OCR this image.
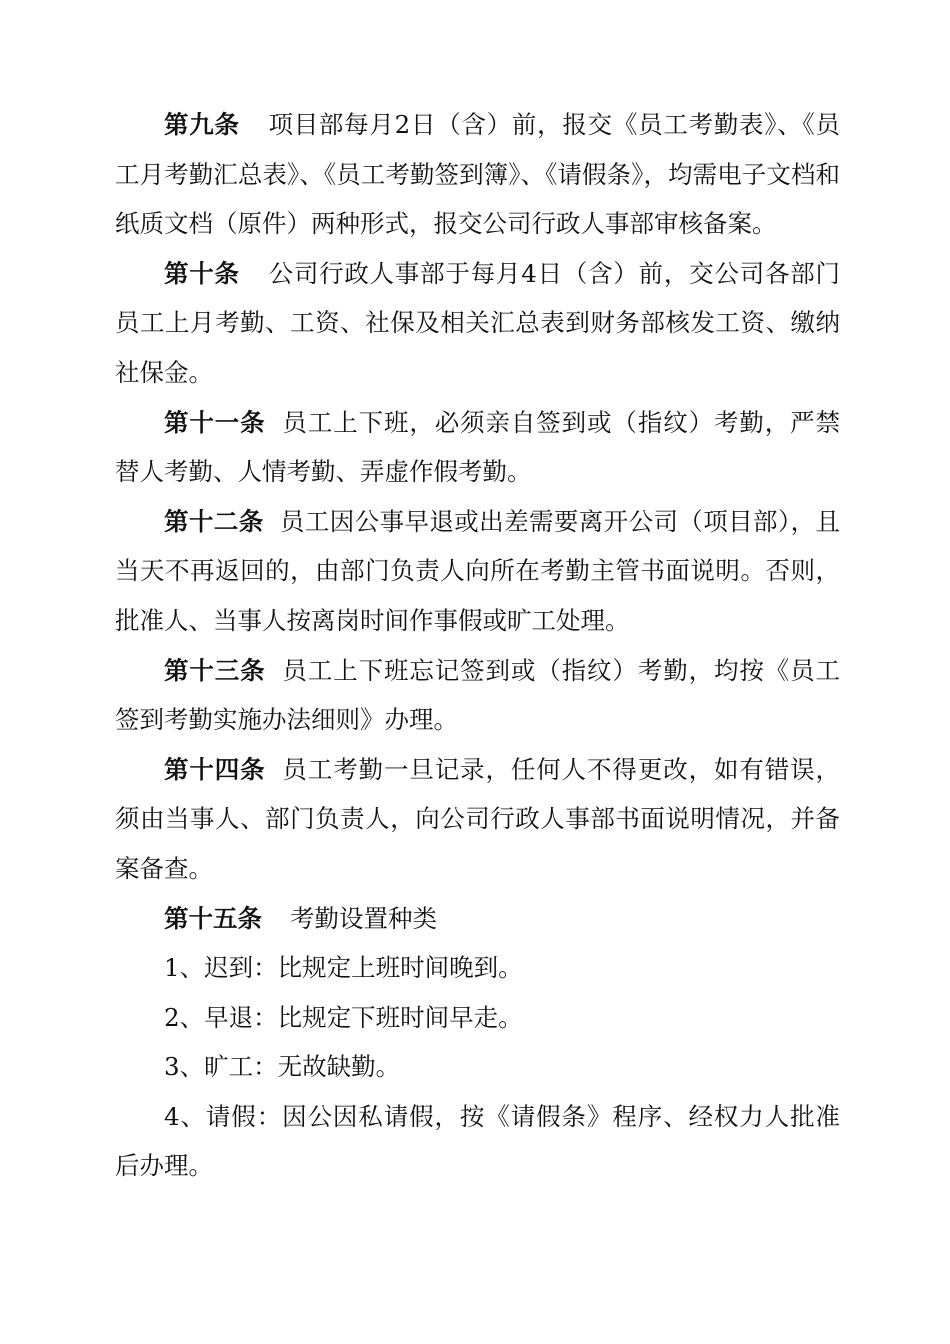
第九条 项目部每月2日（含）前，报交《员工考勤表》、《员工月考勤汇总表》、《员工考勤签到簿》、《请假条》，均需电子文档和纸质文档（原件）两种形式，报交公司行政人事部审核备案。

第十条 公司行政人事部于每月4日（含）前，交公司各部门员工上月考勤、工资、社保及相关汇总表到财务部核发工资、缴纳社保金。

第十一条 员工上下班，必须亲自签到或（指纹）考勤，严禁替人考勤、人情考勤、弄虚作假考勤。

第十二条 员工因公事早退或出差需要离开公司（项目部），且当天不再返回的，由部门负责人向所在考勤主管书面说明。否则，批准人、当事人按离岗时间作事假或旷工处理。

第十三条 员工上下班忘记签到或（指纹）考勤，均按《员工签到考勤实施办法细则》办理。

第十四条 员工考勤一旦记录，任何人不得更改，如有错误，须由当事人、部门负责人，向公司行政人事部书面说明情况，并备案备查。

第十五条 考勤设置种类

1、迟到：比规定上班时间晚到。

2、早退：比规定下班时间早走。

3、旷工：无故缺勤。

4、请假：因公因私请假，按《请假条》程序、经权力人批准后办理。
